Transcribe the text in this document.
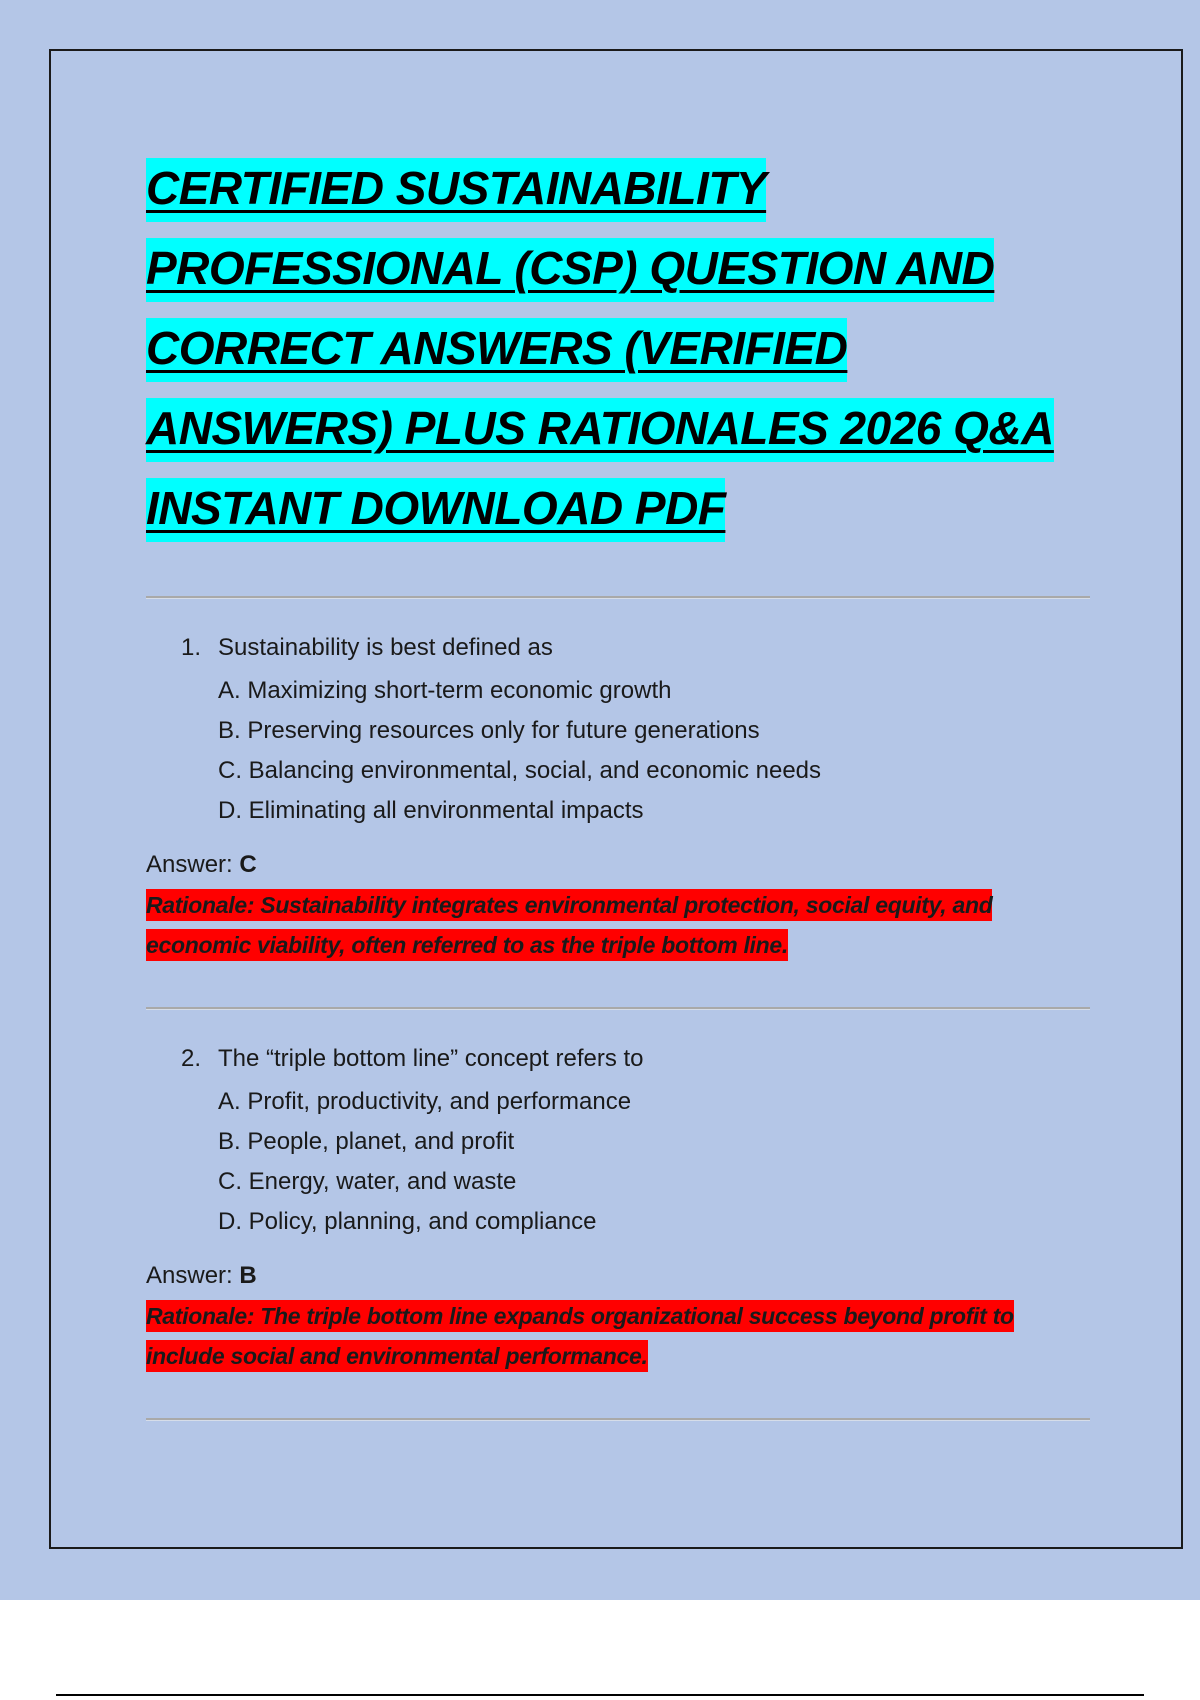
CERTIFIED SUSTAINABILITY PROFESSIONAL (CSP) QUESTION AND CORRECT ANSWERS (VERIFIED ANSWERS) PLUS RATIONALES 2026 Q&A INSTANT DOWNLOAD PDF
1. Sustainability is best defined as
A. Maximizing short-term economic growth
B. Preserving resources only for future generations
C. Balancing environmental, social, and economic needs
D. Eliminating all environmental impacts
Answer: C

Rationale: Sustainability integrates environmental protection, social equity, and economic viability, often referred to as the triple bottom line.

2. The “triple bottom line” concept refers to
A. Profit, productivity, and performance
B. People, planet, and profit
C. Energy, water, and waste
D. Policy, planning, and compliance
Answer: B

Rationale: The triple bottom line expands organizational success beyond profit to include social and environmental performance.
